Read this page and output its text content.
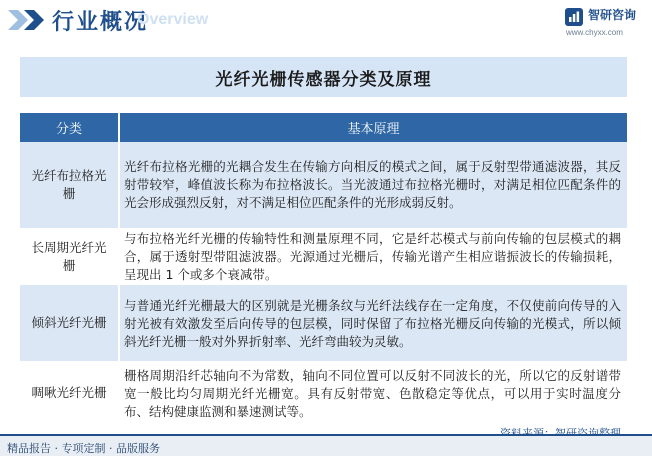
行业概况
Overview	智研咨询
www.chyxx.com
光纤光栅传感器分类及原理
分类	基本原理
光纤布拉格光栅	光纤布拉格光栅的光耦合发生在传输方向相反的模式之间，属于反射型带通滤波器，其反射带较窄，峰值波长称为布拉格波长。当光波通过布拉格光栅时，对满足相位匹配条件的光会形成强烈反射，对不满足相位匹配条件的光形成弱反射。
长周期光纤光栅	与布拉格光纤光栅的传输特性和测量原理不同，它是纤芯模式与前向传输的包层模式的耦合，属于透射型带阻滤波器。光源通过光栅后，传输光谱产生相应谐振波长的传输损耗，呈现出 1 个或多个衰减带。
倾斜光纤光栅	与普通光纤光栅最大的区别就是光栅条纹与光纤法线存在一定角度，不仅使前向传导的入射光被有效激发至后向传导的包层模，同时保留了布拉格光栅反向传输的光模式，所以倾斜光纤光栅一般对外界折射率、光纤弯曲较为灵敏。
啁啾光纤光栅	栅格周期沿纤芯轴向不为常数，轴向不同位置可以反射不同波长的光，所以它的反射谱带宽一般比均匀周期光纤光栅宽。具有反射带宽、色散稳定等优点，可以用于实时温度分布、结构健康监测和暴速测试等。
精品报告 · 专项定制 · 品版服务
